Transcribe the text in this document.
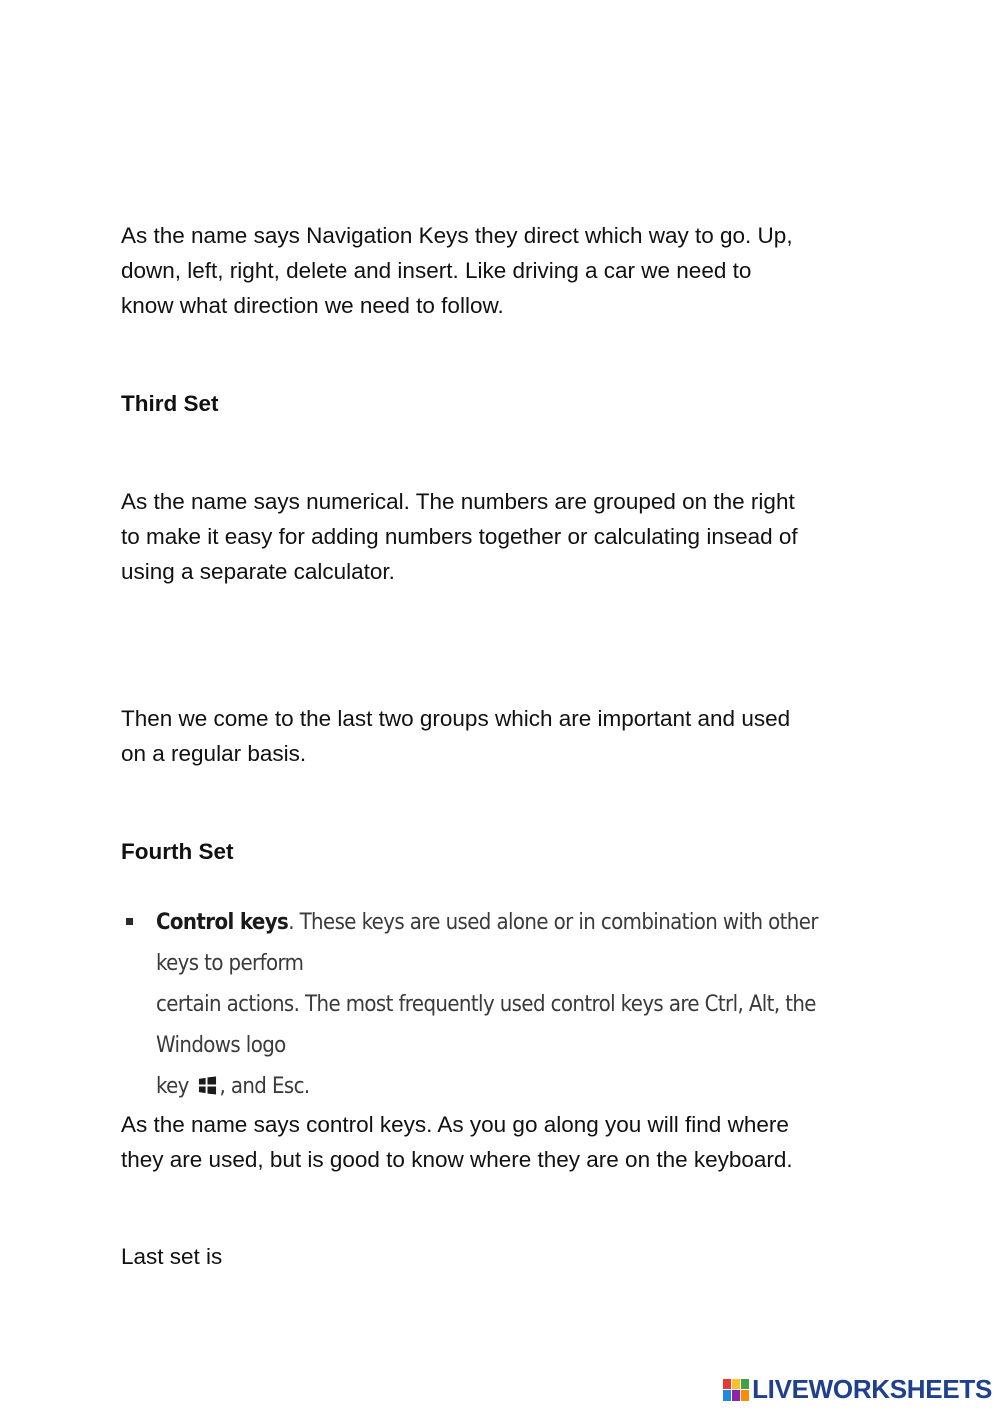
As the name says Navigation Keys they direct which way to go. Up,
down, left, right, delete and insert. Like driving a car we need to
know what direction we need to follow.

Third Set

As the name says numerical. The numbers are grouped on the right
to make it easy for adding numbers together or calculating insead of
using a separate calculator.

Then we come to the last two groups which are important and used
on a regular basis.

Fourth Set
Control keys. These keys are used alone or in combination with other keys to perform
certain actions. The most frequently used control keys are Ctrl, Alt, the Windows logo
key , and Esc.

As the name says control keys. As you go along you will find where
they are used, but is good to know where they are on the keyboard.

Last set is

LIVEWORKSHEETS
